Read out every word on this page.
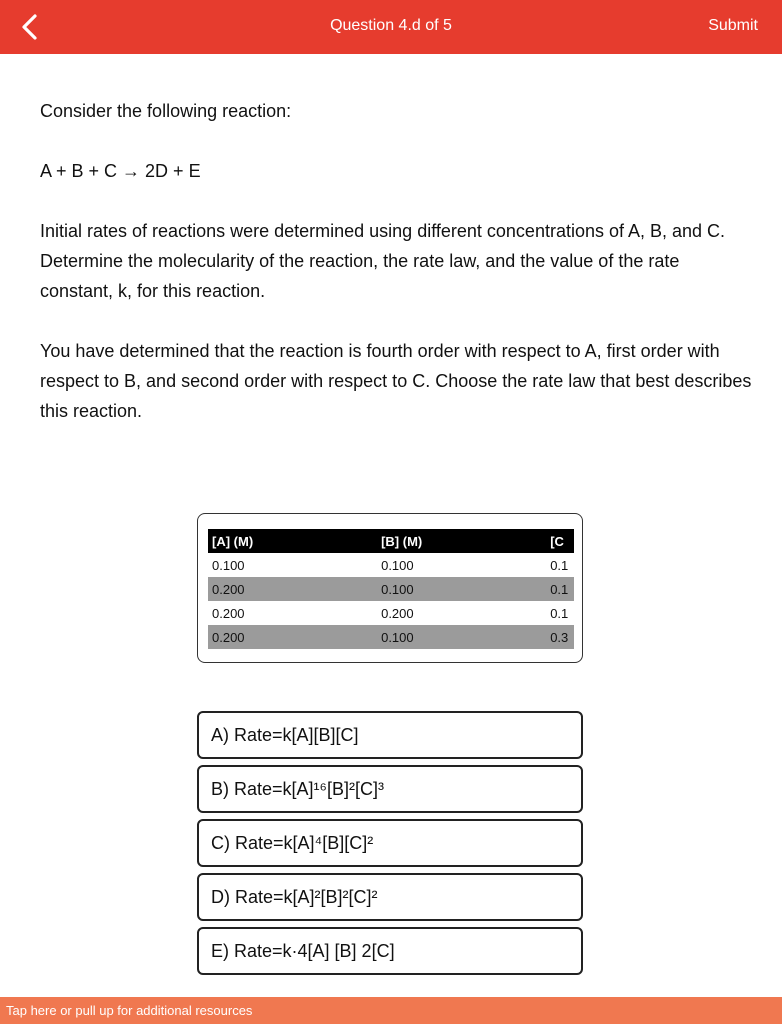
Question 4.d of 5	Submit

Consider the following reaction:

A + B + C → 2D + E

Initial rates of reactions were determined using different concentrations of A, B, and C. Determine the molecularity of the reaction, the rate law, and the value of the rate constant, k, for this reaction.

You have determined that the reaction is fourth order with respect to A, first order with respect to B, and second order with respect to C. Choose the rate law that best describes this reaction.

[A] (M)	[B] (M)	[C
0.100	0.100	0.1
0.200	0.100	0.1
0.200	0.200	0.1
0.200	0.100	0.3
A) Rate=k[A][B][C]
B) Rate=k[A]¹⁶[B]²[C]³
C) Rate=k[A]⁴[B][C]²
D) Rate=k[A]²[B]²[C]²
E) Rate=k·4[A] [B] 2[C]
Tap here or pull up for additional resources
